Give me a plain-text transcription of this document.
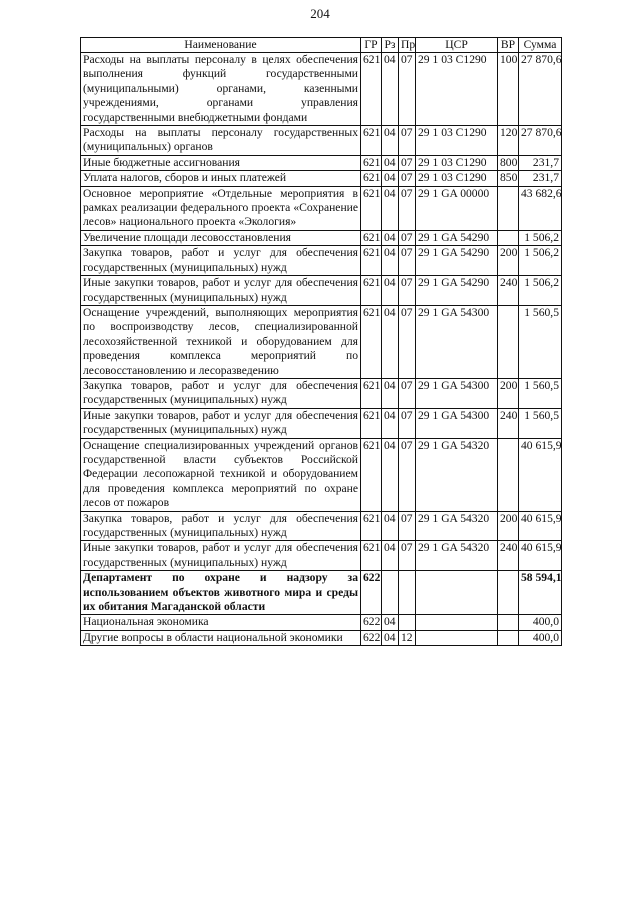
204
Наименование	ГР	Рз	Пр	ЦСР	ВР	Сумма
Расходы на выплаты персоналу в целях обеспечения выполнения функций государственными (муниципальными) органами, казенными учреждениями, органами управления государственными внебюджетными фондами	621	04	07	29 1 03 С1290	100	27 870,6
Расходы на выплаты персоналу государственных (муниципальных) органов	621	04	07	29 1 03 С1290	120	27 870,6
Иные бюджетные ассигнования	621	04	07	29 1 03 С1290	800	231,7
Уплата налогов, сборов и иных платежей	621	04	07	29 1 03 С1290	850	231,7
Основное мероприятие «Отдельные мероприятия в рамках реализации федерального проекта «Сохранение лесов» национального проекта «Экология»	621	04	07	29 1 GA 00000		43 682,6
Увеличение площади лесовосстановления	621	04	07	29 1 GA 54290		1 506,2
Закупка товаров, работ и услуг для обеспечения государственных (муниципальных) нужд	621	04	07	29 1 GA 54290	200	1 506,2
Иные закупки товаров, работ и услуг для обеспечения государственных (муниципальных) нужд	621	04	07	29 1 GA 54290	240	1 506,2
Оснащение учреждений, выполняющих мероприятия по воспроизводству лесов, специализированной лесохозяйственной техникой и оборудованием для проведения комплекса мероприятий по лесовосстановлению и лесоразведению	621	04	07	29 1 GA 54300		1 560,5
Закупка товаров, работ и услуг для обеспечения государственных (муниципальных) нужд	621	04	07	29 1 GA 54300	200	1 560,5
Иные закупки товаров, работ и услуг для обеспечения государственных (муниципальных) нужд	621	04	07	29 1 GA 54300	240	1 560,5
Оснащение специализированных учреждений органов государственной власти субъектов Российской Федерации лесопожарной техникой и оборудованием для проведения комплекса мероприятий по охране лесов от пожаров	621	04	07	29 1 GA 54320		40 615,9
Закупка товаров, работ и услуг для обеспечения государственных (муниципальных) нужд	621	04	07	29 1 GA 54320	200	40 615,9
Иные закупки товаров, работ и услуг для обеспечения государственных (муниципальных) нужд	621	04	07	29 1 GA 54320	240	40 615,9
Департамент по охране и надзору за использованием объектов животного мира и среды их обитания Магаданской области	622					58 594,1
Национальная экономика	622	04				400,0
Другие вопросы в области национальной экономики	622	04	12			400,0
